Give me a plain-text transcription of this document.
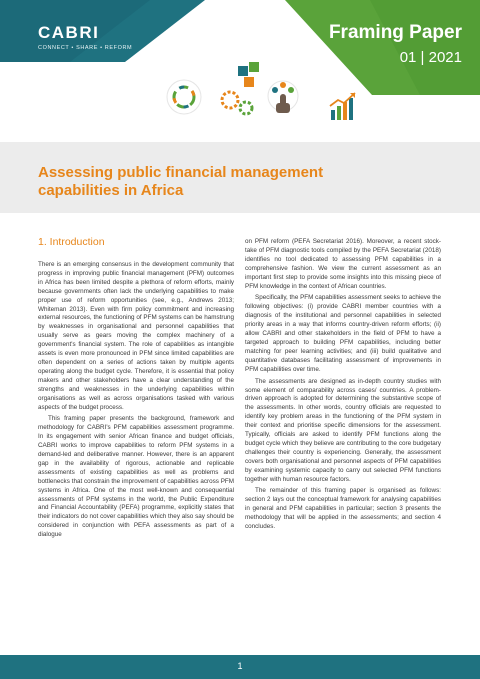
CABRI
CONNECT • SHARE • REFORM
Framing Paper
01 | 2021
Assessing public financial management capabilities in Africa
1. Introduction

There is an emerging consensus in the development community that progress in improving public financial management (PFM) outcomes in Africa has been limited despite a plethora of reform efforts, mainly because governments often lack the underlying capabilities to make proper use of reform opportunities (see, e.g., Andrews 2013; Whiteman 2013). Even with firm policy commitment and increasing external resources, the functioning of PFM systems can be hamstrung by weaknesses in organisational and personnel capabilities that usually serve as gears moving the complex machinery of a government's financial system. The role of capabilities as intangible assets is even more pronounced in PFM since limited capabilities are often dependent on a series of actions taken by multiple agents operating along the budget cycle. Therefore, it is essential that policy makers and other stakeholders have a clear understanding of the strengths and weaknesses in the underlying capabilities within organisations as well as across organisations tasked with various aspects of the budget process.

This framing paper presents the background, framework and methodology for CABRI's PFM capabilities assessment programme. In its engagement with senior African finance and budget officials, CABRI works to improve capabilities to reform PFM systems in a demand-led and deliberative manner. However, there is an apparent gap in the availability of rigorous, actionable and replicable assessments of existing capabilities as well as problems and bottlenecks that constrain the improvement of capabilities across PFM systems in Africa. One of the most well-known and consequential assessments of PFM systems in the world, the Public Expenditure and Financial Accountability (PEFA) programme, explicitly states that their indicators do not cover capabilities which they also say should be considered in conjunction with PEFA assessments as part of a dialogue

on PFM reform (PEFA Secretariat 2016). Moreover, a recent stock-take of PFM diagnostic tools compiled by the PEFA Secretariat (2018) identifies no tool dedicated to assessing PFM capabilities in a comprehensive fashion. We view the current assessment as an important first step to provide some insights into this missing piece of PFM knowledge in the context of African countries.

Specifically, the PFM capabilities assessment seeks to achieve the following objectives: (i) provide CABRI member countries with a diagnosis of the institutional and personnel capabilities in selected priority areas in a way that informs country-driven reform efforts; (ii) allow CABRI and other stakeholders in the field of PFM to have a targeted approach to building PFM capabilities, including better matching for peer learning activities; and (iii) build qualitative and quantitative databases facilitating assessment of improvements in PFM capabilities over time.

The assessments are designed as in-depth country studies with some element of comparability across cases/ countries. A problem-driven approach is adopted for determining the substantive scope of the assessments. In other words, country officials are requested to identify key problem areas in the functioning of the PFM system in their context and prioritise specific dimensions for the assessment. Typically, officials are asked to identify PFM functions along the budget cycle which they believe are contributing to the core budgetary challenges their country is experiencing. Generally, the assessment covers both organisational and personnel aspects of PFM capabilities by examining systemic capacity to carry out selected PFM functions together with human resource factors.

The remainder of this framing paper is organised as follows: section 2 lays out the conceptual framework for analysing capabilities in general and PFM capabilities in particular; section 3 presents the methodology that will be applied in the assessments; and section 4 concludes.

1
